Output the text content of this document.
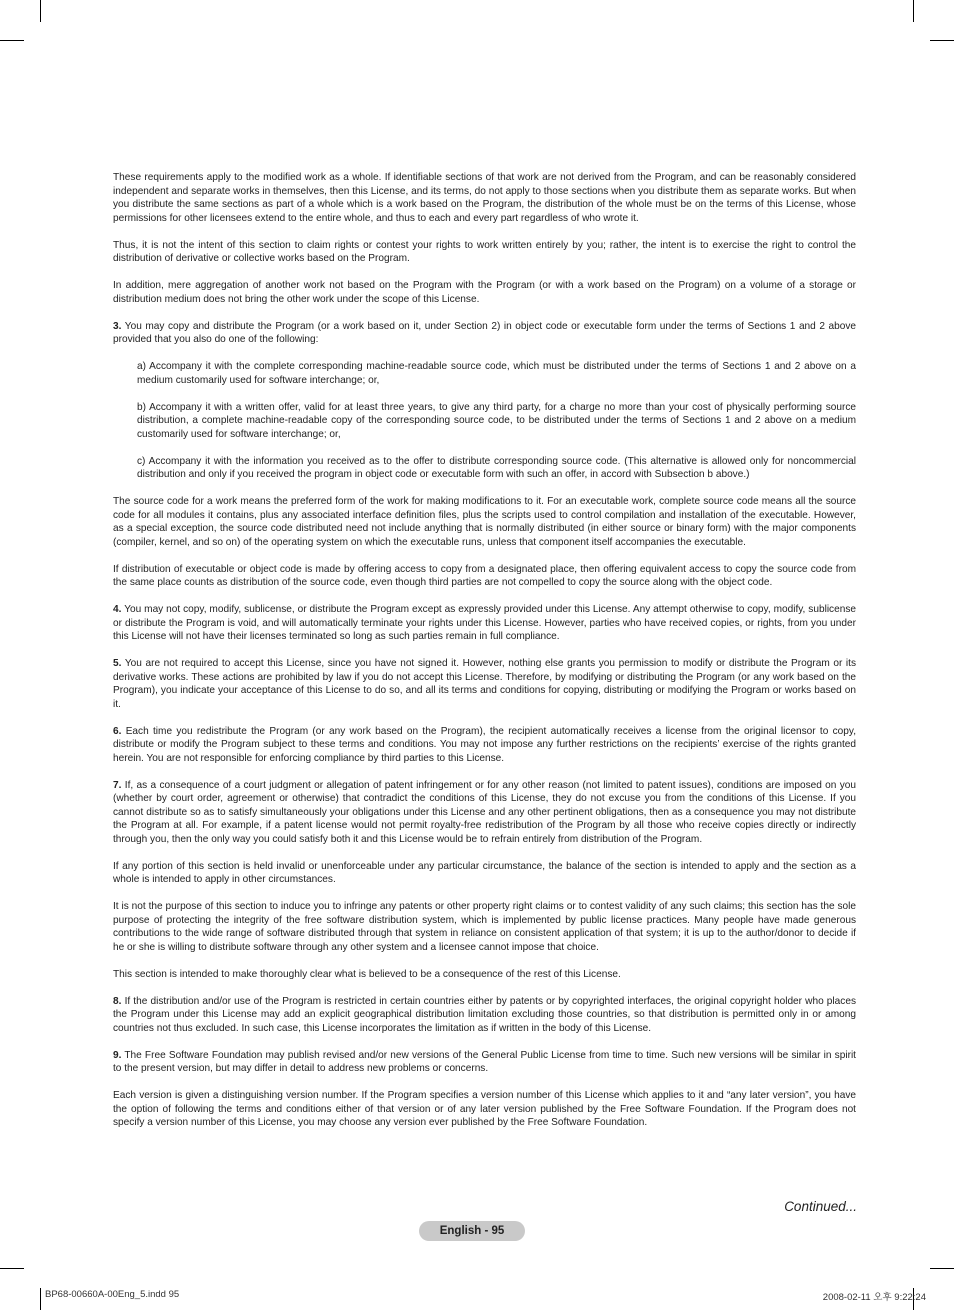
These requirements apply to the modified work as a whole. If identifiable sections of that work are not derived from the Program, and can be reasonably considered independent and separate works in themselves, then this License, and its terms, do not apply to those sections when you distribute them as separate works. But when you distribute the same sections as part of a whole which is a work based on the Program, the distribution of the whole must be on the terms of this License, whose permissions for other licensees extend to the entire whole, and thus to each and every part regardless of who wrote it.

Thus, it is not the intent of this section to claim rights or contest your rights to work written entirely by you; rather, the intent is to exercise the right to control the distribution of derivative or collective works based on the Program.

In addition, mere aggregation of another work not based on the Program with the Program (or with a work based on the Program) on a volume of a storage or distribution medium does not bring the other work under the scope of this License.

3. You may copy and distribute the Program (or a work based on it, under Section 2) in object code or executable form under the terms of Sections 1 and 2 above provided that you also do one of the following:

a) Accompany it with the complete corresponding machine-readable source code, which must be distributed under the terms of Sections 1 and 2 above on a medium customarily used for software interchange; or,

b) Accompany it with a written offer, valid for at least three years, to give any third party, for a charge no more than your cost of physically performing source distribution, a complete machine-readable copy of the corresponding source code, to be distributed under the terms of Sections 1 and 2 above on a medium customarily used for software interchange; or,

c) Accompany it with the information you received as to the offer to distribute corresponding source code. (This alternative is allowed only for noncommercial distribution and only if you received the program in object code or executable form with such an offer, in accord with Subsection b above.)

The source code for a work means the preferred form of the work for making modifications to it. For an executable work, complete source code means all the source code for all modules it contains, plus any associated interface definition files, plus the scripts used to control compilation and installation of the executable. However, as a special exception, the source code distributed need not include anything that is normally distributed (in either source or binary form) with the major components (compiler, kernel, and so on) of the operating system on which the executable runs, unless that component itself accompanies the executable.

If distribution of executable or object code is made by offering access to copy from a designated place, then offering equivalent access to copy the source code from the same place counts as distribution of the source code, even though third parties are not compelled to copy the source along with the object code.

4. You may not copy, modify, sublicense, or distribute the Program except as expressly provided under this License. Any attempt otherwise to copy, modify, sublicense or distribute the Program is void, and will automatically terminate your rights under this License. However, parties who have received copies, or rights, from you under this License will not have their licenses terminated so long as such parties remain in full compliance.

5. You are not required to accept this License, since you have not signed it. However, nothing else grants you permission to modify or distribute the Program or its derivative works. These actions are prohibited by law if you do not accept this License. Therefore, by modifying or distributing the Program (or any work based on the Program), you indicate your acceptance of this License to do so, and all its terms and conditions for copying, distributing or modifying the Program or works based on it.

6. Each time you redistribute the Program (or any work based on the Program), the recipient automatically receives a license from the original licensor to copy, distribute or modify the Program subject to these terms and conditions. You may not impose any further restrictions on the recipients’ exercise of the rights granted herein. You are not responsible for enforcing compliance by third parties to this License.

7. If, as a consequence of a court judgment or allegation of patent infringement or for any other reason (not limited to patent issues), conditions are imposed on you (whether by court order, agreement or otherwise) that contradict the conditions of this License, they do not excuse you from the conditions of this License. If you cannot distribute so as to satisfy simultaneously your obligations under this License and any other pertinent obligations, then as a consequence you may not distribute the Program at all. For example, if a patent license would not permit royalty-free redistribution of the Program by all those who receive copies directly or indirectly through you, then the only way you could satisfy both it and this License would be to refrain entirely from distribution of the Program.

If any portion of this section is held invalid or unenforceable under any particular circumstance, the balance of the section is intended to apply and the section as a whole is intended to apply in other circumstances.

It is not the purpose of this section to induce you to infringe any patents or other property right claims or to contest validity of any such claims; this section has the sole purpose of protecting the integrity of the free software distribution system, which is implemented by public license practices. Many people have made generous contributions to the wide range of software distributed through that system in reliance on consistent application of that system; it is up to the author/donor to decide if he or she is willing to distribute software through any other system and a licensee cannot impose that choice.

This section is intended to make thoroughly clear what is believed to be a consequence of the rest of this License.

8. If the distribution and/or use of the Program is restricted in certain countries either by patents or by copyrighted interfaces, the original copyright holder who places the Program under this License may add an explicit geographical distribution limitation excluding those countries, so that distribution is permitted only in or among countries not thus excluded. In such case, this License incorporates the limitation as if written in the body of this License.

9. The Free Software Foundation may publish revised and/or new versions of the General Public License from time to time. Such new versions will be similar in spirit to the present version, but may differ in detail to address new problems or concerns.

Each version is given a distinguishing version number. If the Program specifies a version number of this License which applies to it and “any later version”, you have the option of following the terms and conditions either of that version or of any later version published by the Free Software Foundation. If the Program does not specify a version number of this License, you may choose any version ever published by the Free Software Foundation.

Continued...
English - 95
BP68-00660A-00Eng_5.indd 95	2008-02-11 오후 9:22:24
